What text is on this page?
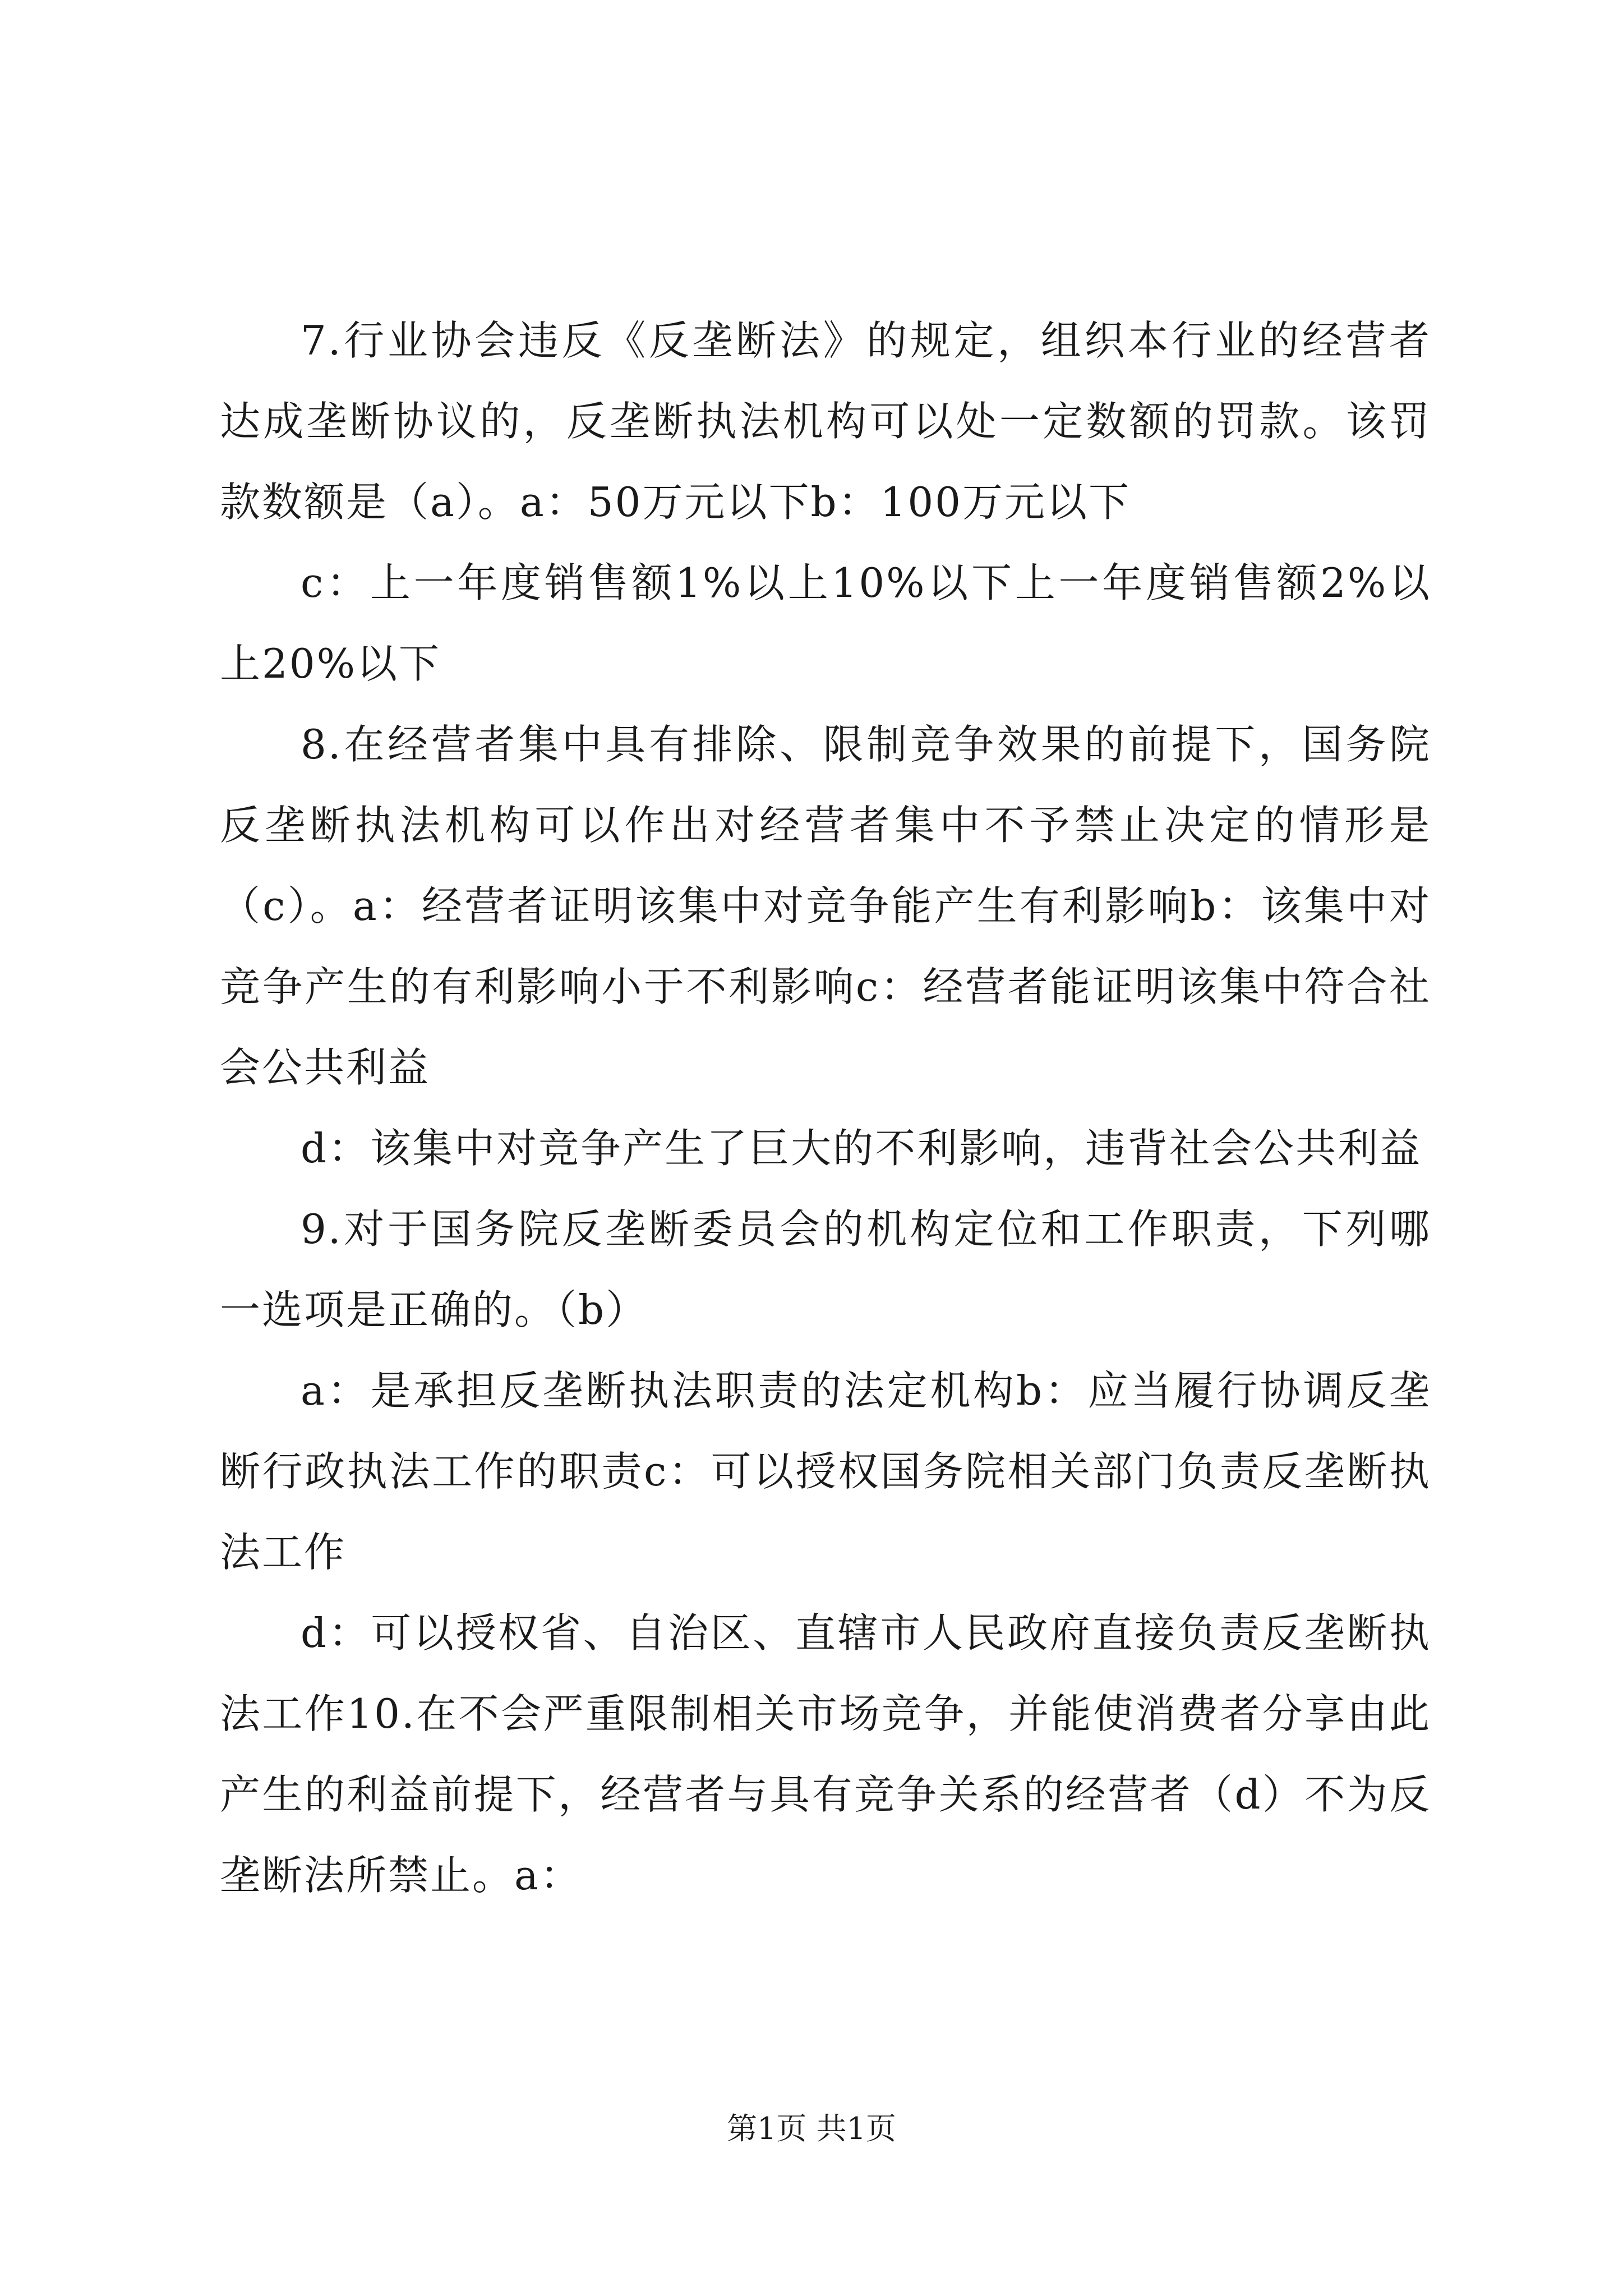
7.行业协会违反《反垄断法》的规定，组织本行业的经营者达成垄断协议的，反垄断执法机构可以处一定数额的罚款。该罚款数额是（a）。a：50万元以下b：100万元以下

c：上一年度销售额1%以上10%以下上一年度销售额2%以上20%以下

8.在经营者集中具有排除、限制竞争效果的前提下，国务院反垄断执法机构可以作出对经营者集中不予禁止决定的情形是（c）。a：经营者证明该集中对竞争能产生有利影响b：该集中对竞争产生的有利影响小于不利影响c：经营者能证明该集中符合社会公共利益

d：该集中对竞争产生了巨大的不利影响，违背社会公共利益

9.对于国务院反垄断委员会的机构定位和工作职责，下列哪一选项是正确的。（b）

a：是承担反垄断执法职责的法定机构b：应当履行协调反垄断行政执法工作的职责c：可以授权国务院相关部门负责反垄断执法工作

d：可以授权省、自治区、直辖市人民政府直接负责反垄断执法工作10.在不会严重限制相关市场竞争，并能使消费者分享由此产生的利益前提下，经营者与具有竞争关系的经营者（d）不为反垄断法所禁止。a：

第1页 共1页
